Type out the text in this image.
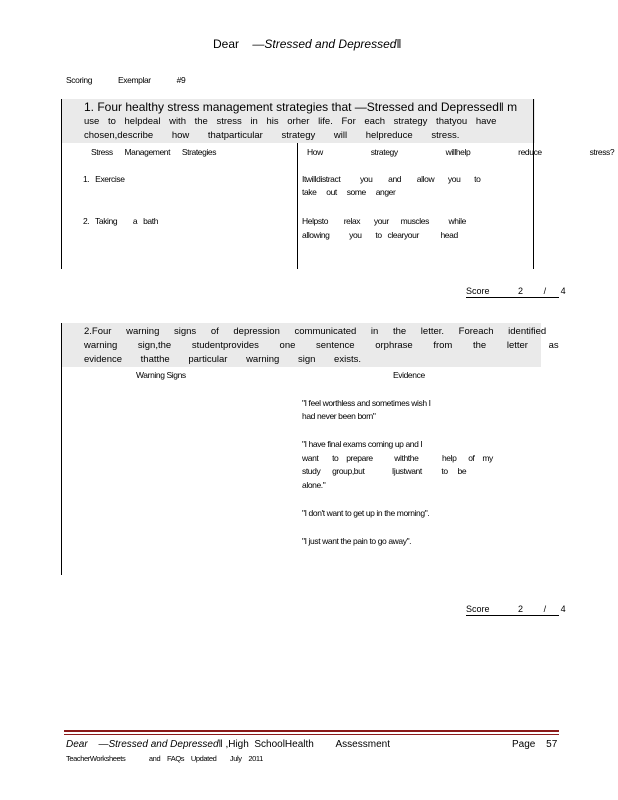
Dear ―Stressed and Depressed‖
Scoring	Exemplar	#9
1. Four healthy stress management strategies that ―Stressed and Depressed‖ m
use to helpdeal with the stress in his orher life. For each strategy thatyou have
chosen,describe how thatparticular strategy will helpreduce stress.
Stress      Management      Strategies	How   strategy   willhelp   reduce   stress?
1.   Exercise	Itwilldistract          you        and        allow       you       to
take     out     some     anger
2.   Taking        a   bath	Helpsto        relax       your      muscles          while
allowing          you       to   clearyour           head
Score	2 / 4
2.Four warning signs of depression communicated in the letter. Foreach identified
warning sign,the studentprovides one sentence orphrase from the letter as
evidence thatthe particular warning sign exists.
Warning Signs	Evidence
"I feel worthless and sometimes wish I
had never been born"
"I have final exams coming up and I
want       to    prepare           withthe            help      of    my
study      group,but              Ijustwant          to     be
alone."
"I don't want to get up in the morning".
"I just want the pain to go away".
Score	2 / 4
Dear ―Stressed and Depressed‖ ,High  SchoolHealth        Assessment	Page 57
TeacherWorksheets              and    FAQs    Updated        July    2011
